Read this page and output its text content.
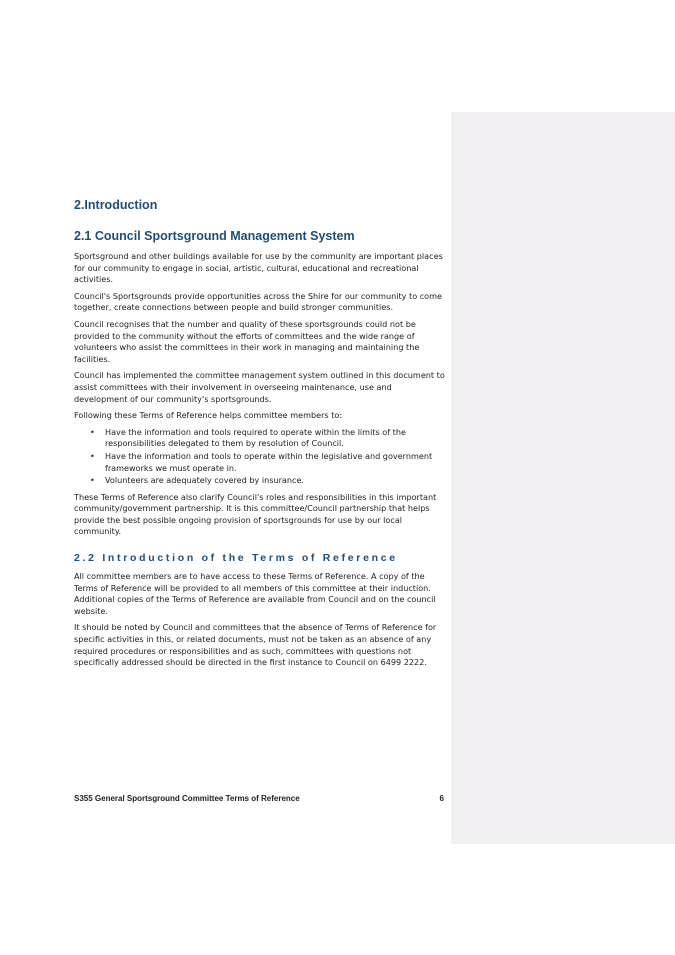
2.Introduction
2.1 Council Sportsground Management System

Sportsground and other buildings available for use by the community are important places for our community to engage in social, artistic, cultural, educational and recreational activities.

Council's Sportsgrounds provide opportunities across the Shire for our community to come together, create connections between people and build stronger communities.

Council recognises that the number and quality of these sportsgrounds could not be provided to the community without the efforts of committees and the wide range of volunteers who assist the committees in their work in managing and maintaining the facilities.

Council has implemented the committee management system outlined in this document to assist committees with their involvement in overseeing maintenance, use and development of our community's sportsgrounds.

Following these Terms of Reference helps committee members to:

• Have the information and tools required to operate within the limits of the responsibilities delegated to them by resolution of Council.
• Have the information and tools to operate within the legislative and government frameworks we must operate in.
• Volunteers are adequately covered by insurance.

These Terms of Reference also clarify Council's roles and responsibilities in this important community/government partnership. It is this committee/Council partnership that helps provide the best possible ongoing provision of sportsgrounds for use by our local community.

2.2 Introduction of the Terms of Reference

All committee members are to have access to these Terms of Reference. A copy of the Terms of Reference will be provided to all members of this committee at their induction. Additional copies of the Terms of Reference are available from Council and on the council website.

It should be noted by Council and committees that the absence of Terms of Reference for specific activities in this, or related documents, must not be taken as an absence of any required procedures or responsibilities and as such, committees with questions not specifically addressed should be directed in the first instance to Council on 6499 2222.

S355 General Sportsground Committee Terms of Reference	6
